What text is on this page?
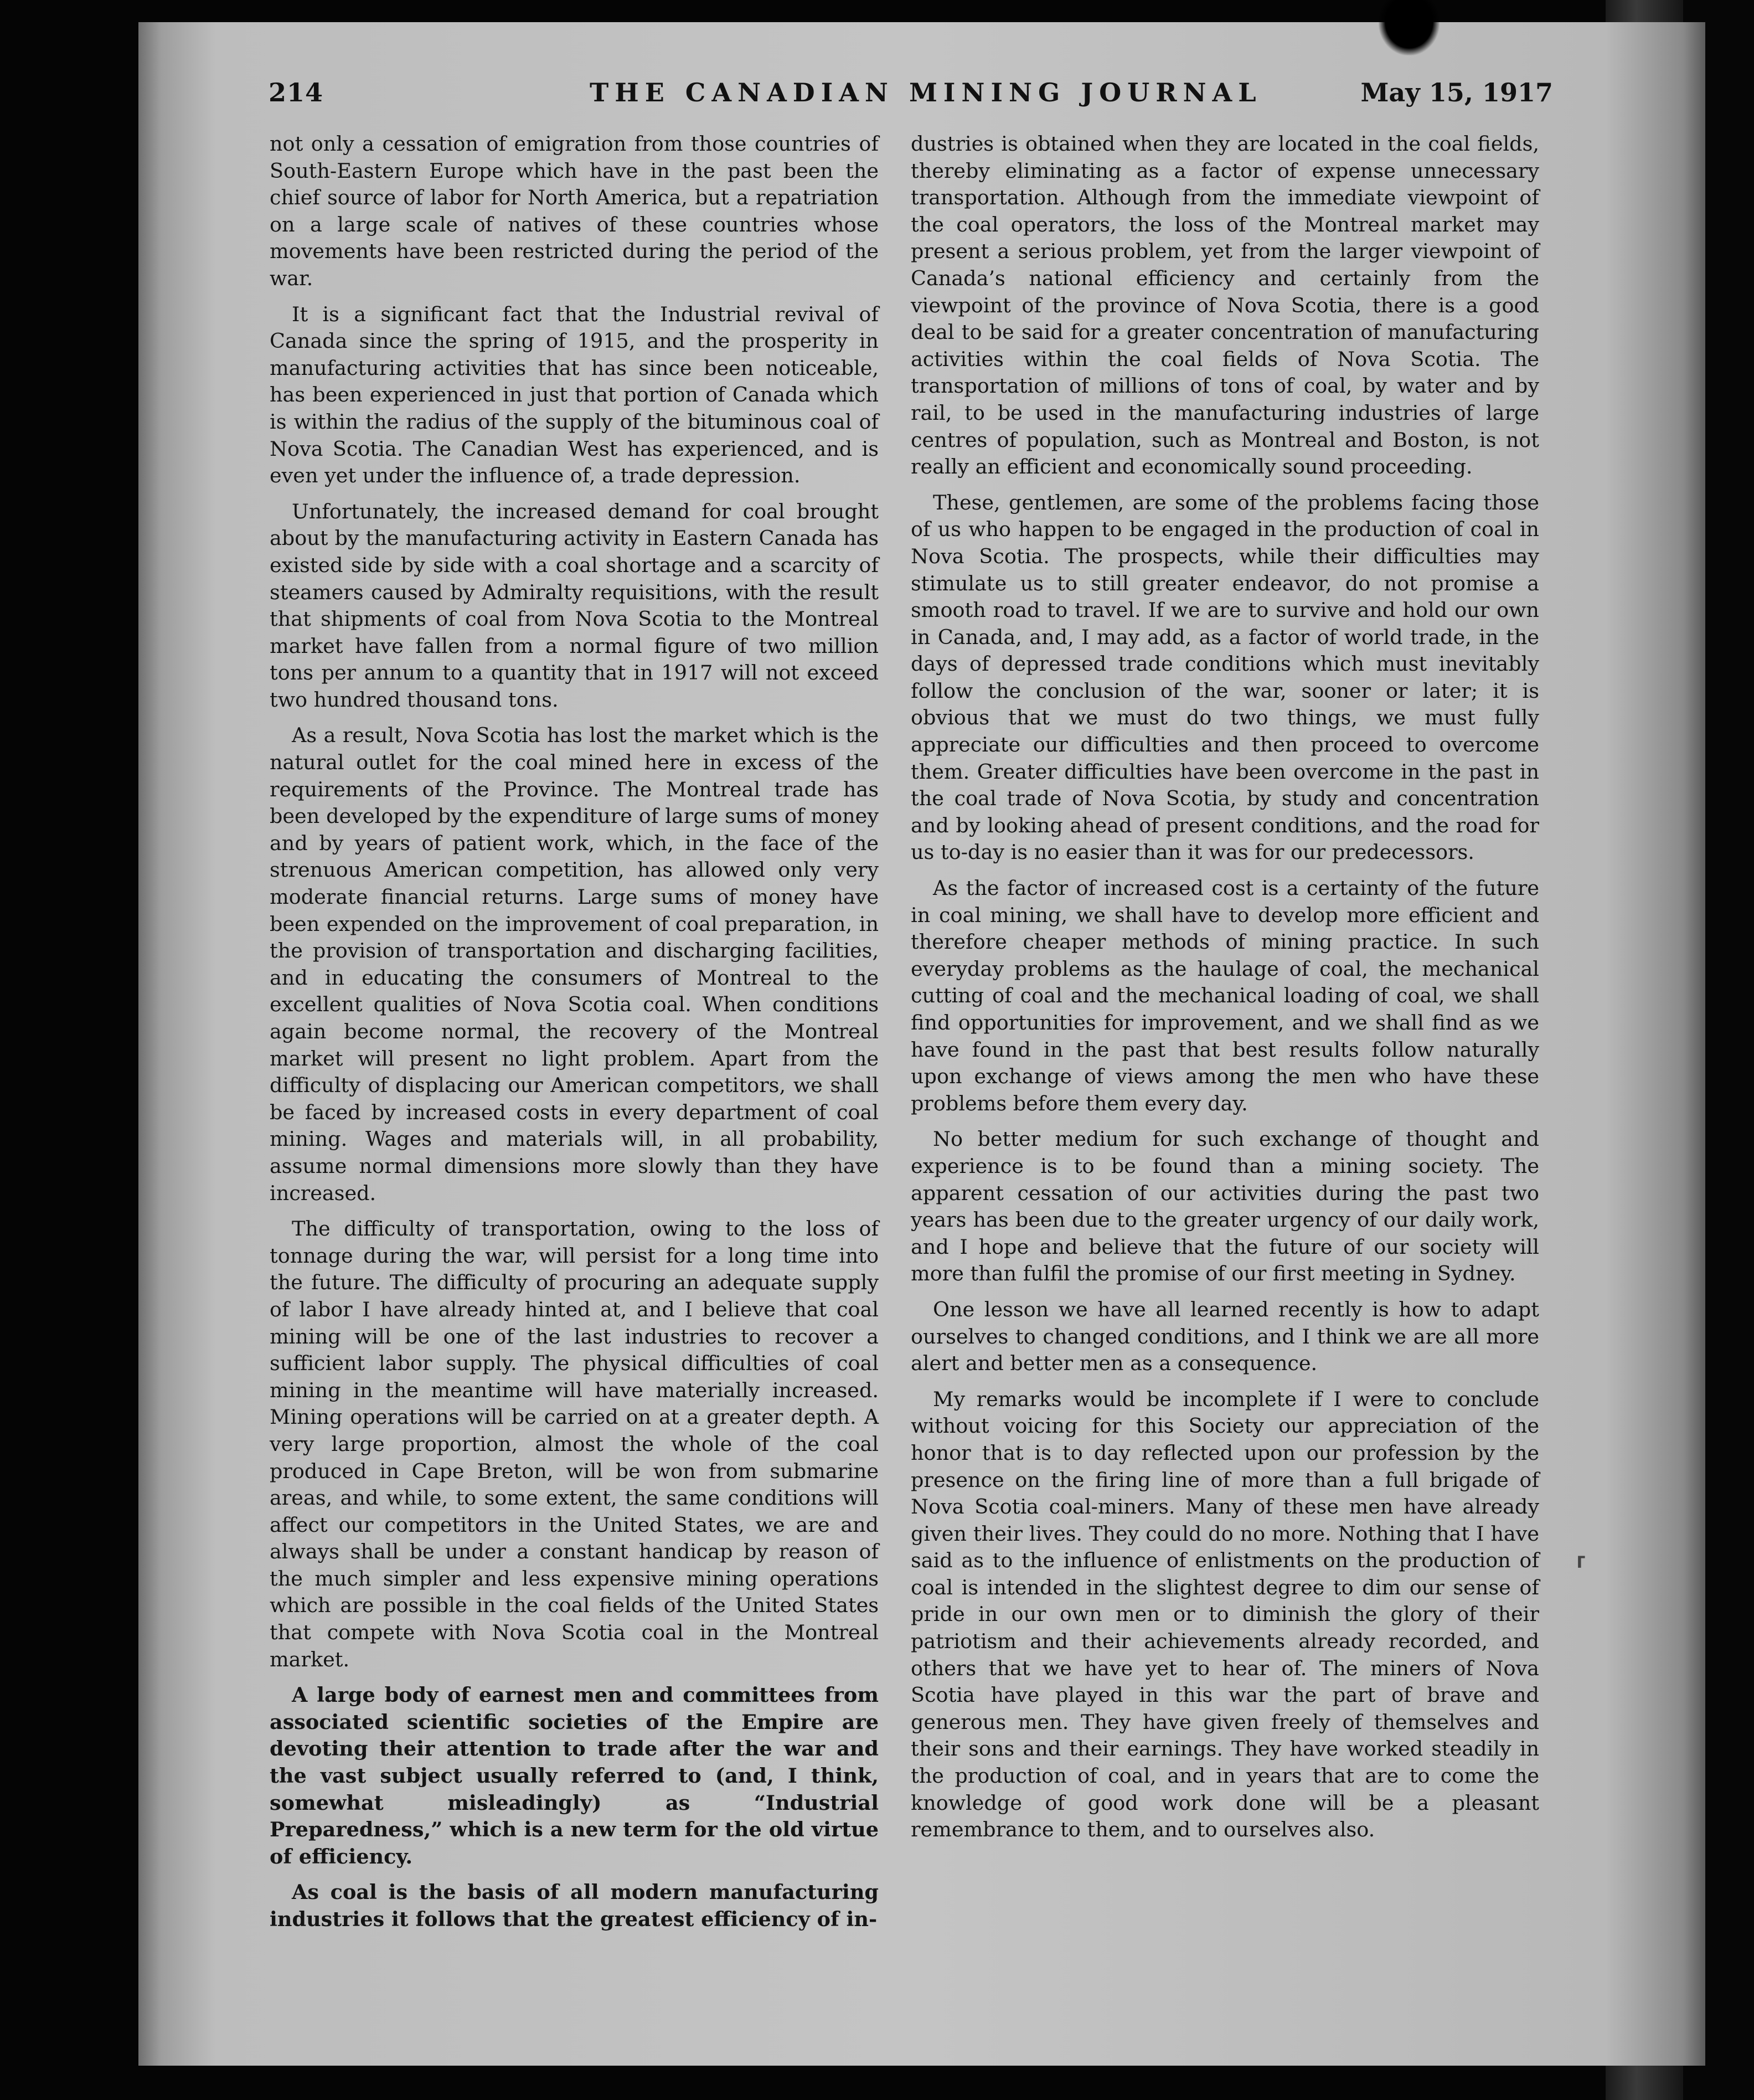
214	THE CANADIAN MINING JOURNAL	May 15, 1917

not only a cessation of emigration from those countries of South-Eastern Europe which have in the past been the chief source of labor for North America, but a repatriation on a large scale of natives of these countries whose movements have been restricted during the period of the war.

It is a significant fact that the Industrial revival of Canada since the spring of 1915, and the prosperity in manufacturing activities that has since been noticeable, has been experienced in just that portion of Canada which is within the radius of the supply of the bituminous coal of Nova Scotia. The Canadian West has experienced, and is even yet under the influence of, a trade depression.

Unfortunately, the increased demand for coal brought about by the manufacturing activity in Eastern Canada has existed side by side with a coal shortage and a scarcity of steamers caused by Admiralty requisitions, with the result that shipments of coal from Nova Scotia to the Montreal market have fallen from a normal figure of two million tons per annum to a quantity that in 1917 will not exceed two hundred thousand tons.

As a result, Nova Scotia has lost the market which is the natural outlet for the coal mined here in excess of the requirements of the Province. The Montreal trade has been developed by the expenditure of large sums of money and by years of patient work, which, in the face of the strenuous American competition, has allowed only very moderate financial returns. Large sums of money have been expended on the improvement of coal preparation, in the provision of transportation and discharging facilities, and in educating the consumers of Montreal to the excellent qualities of Nova Scotia coal. When conditions again become normal, the recovery of the Montreal market will present no light problem. Apart from the difficulty of displacing our American competitors, we shall be faced by increased costs in every department of coal mining. Wages and materials will, in all probability, assume normal dimensions more slowly than they have increased.

The difficulty of transportation, owing to the loss of tonnage during the war, will persist for a long time into the future. The difficulty of procuring an adequate supply of labor I have already hinted at, and I believe that coal mining will be one of the last industries to recover a sufficient labor supply. The physical difficulties of coal mining in the meantime will have materially increased. Mining operations will be carried on at a greater depth. A very large proportion, almost the whole of the coal produced in Cape Breton, will be won from submarine areas, and while, to some extent, the same conditions will affect our competitors in the United States, we are and always shall be under a constant handicap by reason of the much simpler and less expensive mining operations which are possible in the coal fields of the United States that compete with Nova Scotia coal in the Montreal market.

A large body of earnest men and committees from associated scientific societies of the Empire are devoting their attention to trade after the war and the vast subject usually referred to (and, I think, somewhat misleadingly) as “Industrial Preparedness,” which is a new term for the old virtue of efficiency.

As coal is the basis of all modern manufacturing industries it follows that the greatest efficiency of in-

dustries is obtained when they are located in the coal fields, thereby eliminating as a factor of expense unnecessary transportation. Although from the immediate viewpoint of the coal operators, the loss of the Montreal market may present a serious problem, yet from the larger viewpoint of Canada’s national efficiency and certainly from the viewpoint of the province of Nova Scotia, there is a good deal to be said for a greater concentration of manufacturing activities within the coal fields of Nova Scotia. The transportation of millions of tons of coal, by water and by rail, to be used in the manufacturing industries of large centres of population, such as Montreal and Boston, is not really an efficient and economically sound proceeding.

These, gentlemen, are some of the problems facing those of us who happen to be engaged in the production of coal in Nova Scotia. The prospects, while their difficulties may stimulate us to still greater endeavor, do not promise a smooth road to travel. If we are to survive and hold our own in Canada, and, I may add, as a factor of world trade, in the days of depressed trade conditions which must inevitably follow the conclusion of the war, sooner or later; it is obvious that we must do two things, we must fully appreciate our difficulties and then proceed to overcome them. Greater difficulties have been overcome in the past in the coal trade of Nova Scotia, by study and concentration and by looking ahead of present conditions, and the road for us to-day is no easier than it was for our predecessors.

As the factor of increased cost is a certainty of the future in coal mining, we shall have to develop more efficient and therefore cheaper methods of mining practice. In such everyday problems as the haulage of coal, the mechanical cutting of coal and the mechanical loading of coal, we shall find opportunities for improvement, and we shall find as we have found in the past that best results follow naturally upon exchange of views among the men who have these problems before them every day.

No better medium for such exchange of thought and experience is to be found than a mining society. The apparent cessation of our activities during the past two years has been due to the greater urgency of our daily work, and I hope and believe that the future of our society will more than fulfil the promise of our first meeting in Sydney.

One lesson we have all learned recently is how to adapt ourselves to changed conditions, and I think we are all more alert and better men as a consequence.

My remarks would be incomplete if I were to conclude without voicing for this Society our appreciation of the honor that is to day reflected upon our profession by the presence on the firing line of more than a full brigade of Nova Scotia coal-miners. Many of these men have already given their lives. They could do no more. Nothing that I have said as to the influence of enlistments on the production of coal is intended in the slightest degree to dim our sense of pride in our own men or to diminish the glory of their patriotism and their achievements already recorded, and others that we have yet to hear of. The miners of Nova Scotia have played in this war the part of brave and generous men. They have given freely of themselves and their sons and their earnings. They have worked steadily in the production of coal, and in years that are to come the knowledge of good work done will be a pleasant remembrance to them, and to ourselves also.

⸢
